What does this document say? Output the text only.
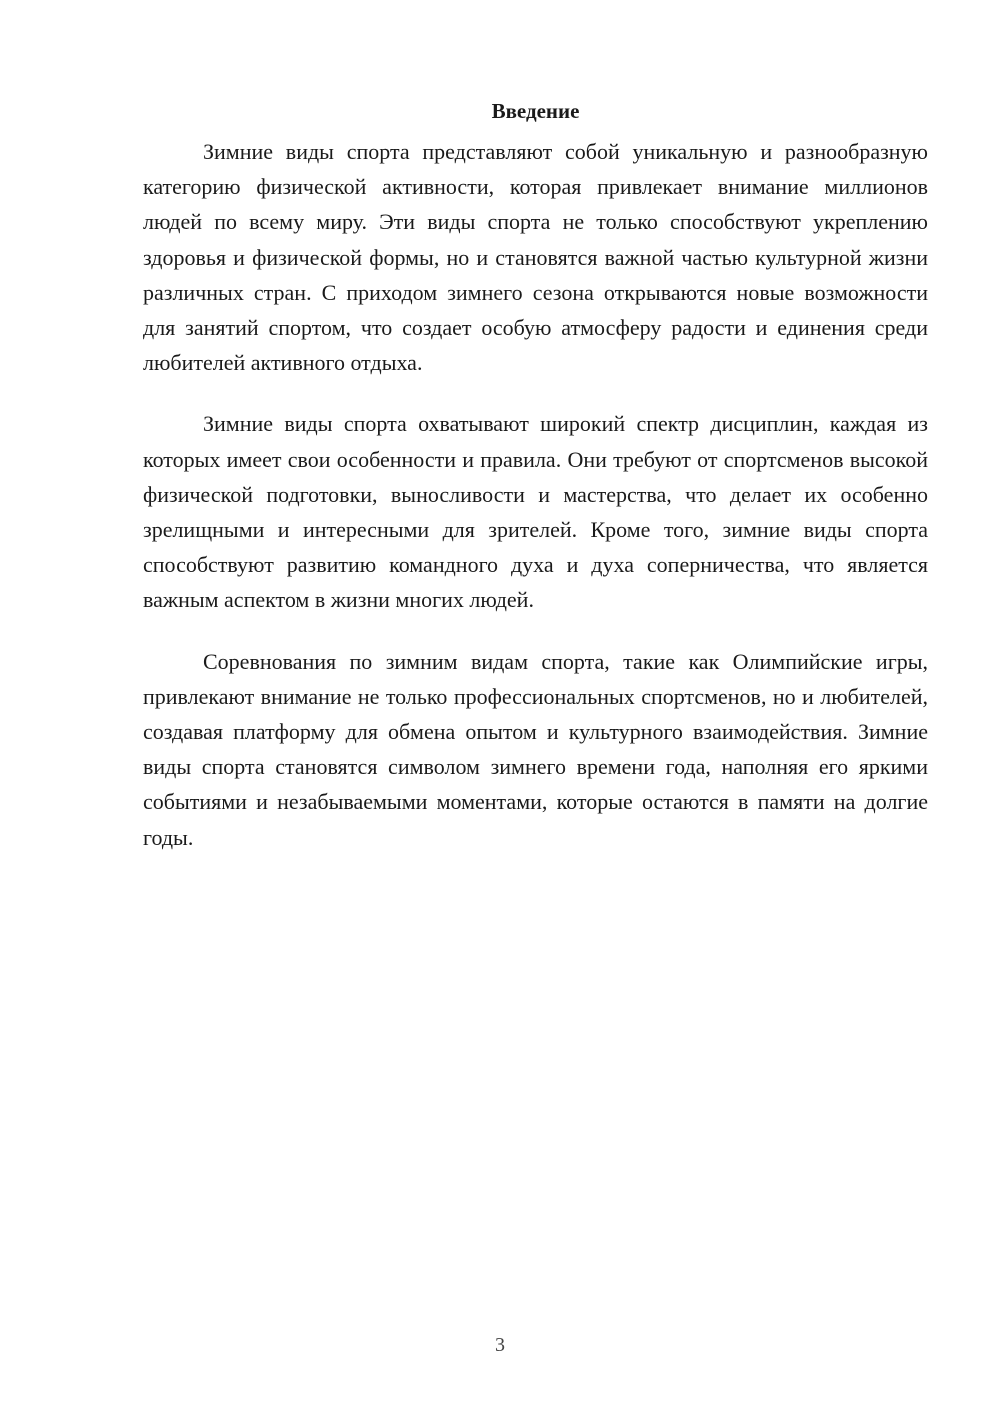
Введение

Зимние виды спорта представляют собой уникальную и разнообразную категорию физической активности, которая привлекает внимание миллионов людей по всему миру. Эти виды спорта не только способствуют укреплению здоровья и физической формы, но и становятся важной частью культурной жизни различных стран. С приходом зимнего сезона открываются новые возможности для занятий спортом, что создает особую атмосферу радости и единения среди любителей активного отдыха.

Зимние виды спорта охватывают широкий спектр дисциплин, каждая из которых имеет свои особенности и правила. Они требуют от спортсменов высокой физической подготовки, выносливости и мастерства, что делает их особенно зрелищными и интересными для зрителей. Кроме того, зимние виды спорта способствуют развитию командного духа и духа соперничества, что является важным аспектом в жизни многих людей.

Соревнования по зимним видам спорта, такие как Олимпийские игры, привлекают внимание не только профессиональных спортсменов, но и любителей, создавая платформу для обмена опытом и культурного взаимодействия. Зимние виды спорта становятся символом зимнего времени года, наполняя его яркими событиями и незабываемыми моментами, которые остаются в памяти на долгие годы.

3
